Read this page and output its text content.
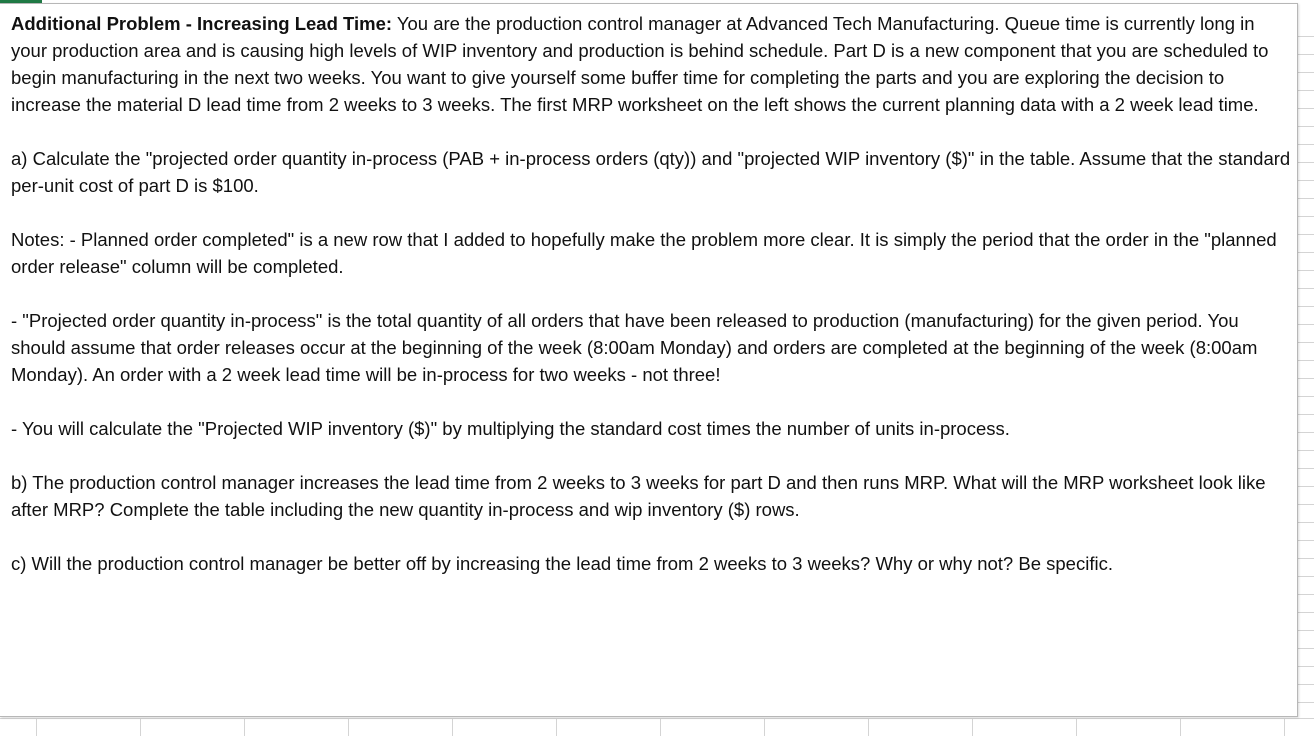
Additional Problem - Increasing Lead Time: You are the production control manager at Advanced Tech Manufacturing. Queue time is currently long in your production area and is causing high levels of WIP inventory and production is behind schedule. Part D is a new component that you are scheduled to begin manufacturing in the next two weeks. You want to give yourself some buffer time for completing the parts and you are exploring the decision to increase the material D lead time from 2 weeks to 3 weeks. The first MRP worksheet on the left shows the current planning data with a 2 week lead time.

a) Calculate the "projected order quantity in-process (PAB + in-process orders (qty)) and "projected WIP inventory ($)" in the table. Assume that the standard per-unit cost of part D is $100.

Notes: - Planned order completed" is a new row that I added to hopefully make the problem more clear. It is simply the period that the order in the "planned order release" column will be completed.

- "Projected order quantity in-process" is the total quantity of all orders that have been released to production (manufacturing) for the given period. You should assume that order releases occur at the beginning of the week (8:00am Monday) and orders are completed at the beginning of the week (8:00am Monday). An order with a 2 week lead time will be in-process for two weeks - not three!

- You will calculate the "Projected WIP inventory ($)" by multiplying the standard cost times the number of units in-process.

b) The production control manager increases the lead time from 2 weeks to 3 weeks for part D and then runs MRP. What will the MRP worksheet look like after MRP? Complete the table including the new quantity in-process and wip inventory ($) rows.

c) Will the production control manager be better off by increasing the lead time from 2 weeks to 3 weeks? Why or why not? Be specific.
